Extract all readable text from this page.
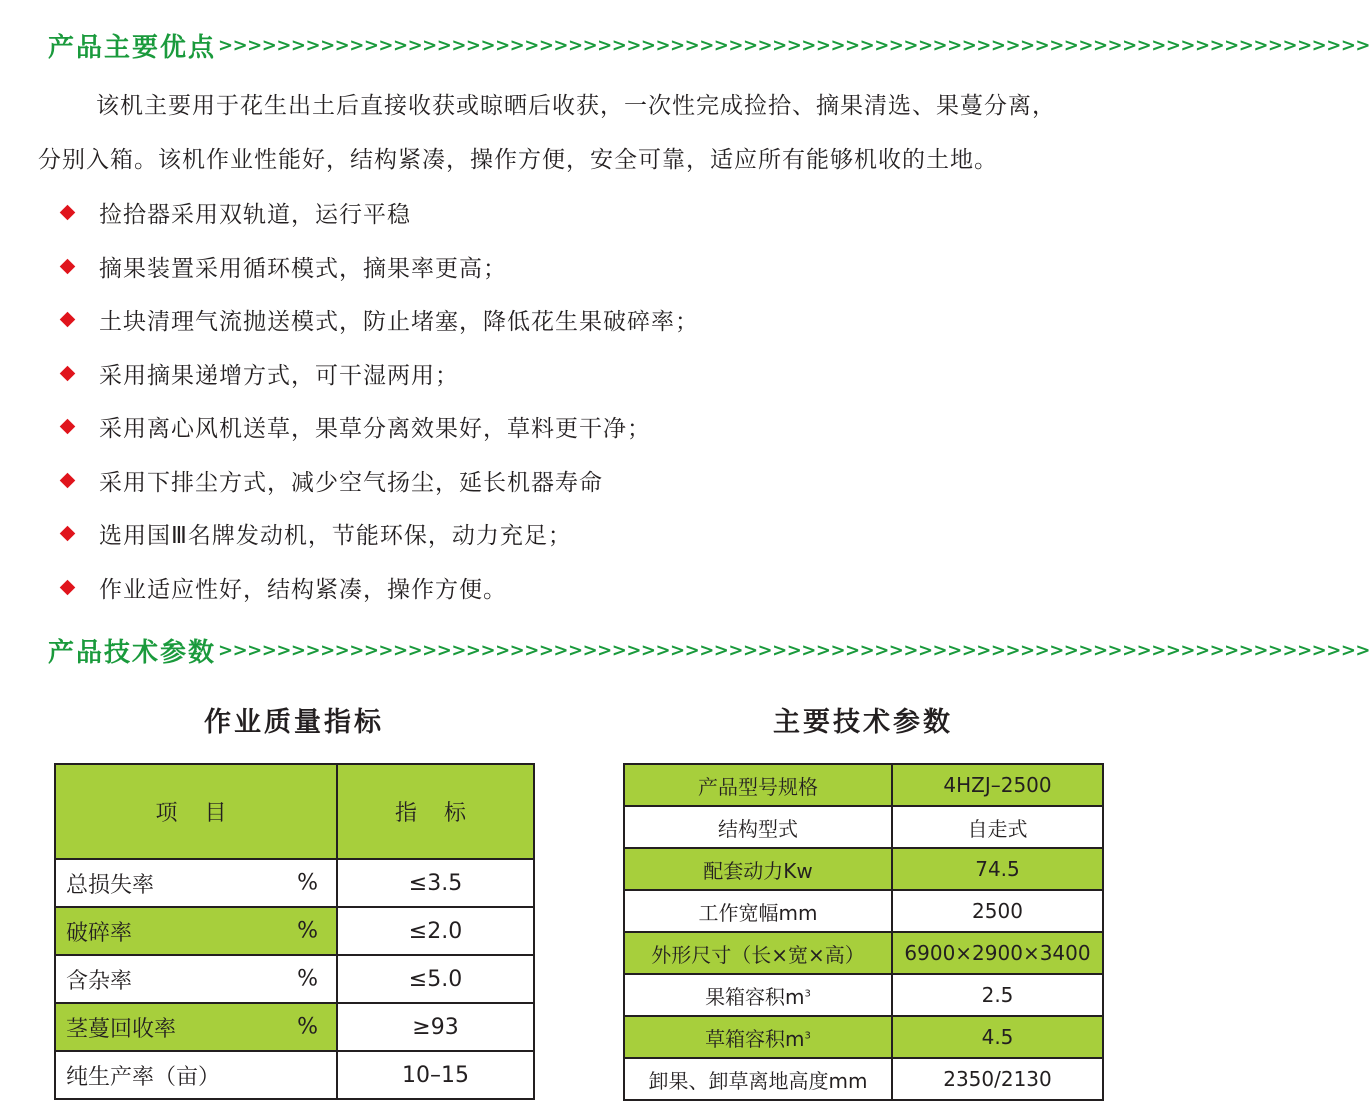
产品主要优点 >>>>>>>>>>>>>>>>>>>>>>>>>>>>>>>>>>>>>>>>>>>>>>>>>>>>>>>>>>>>>>>>>>>>>>>>>>>>>>>

该机主要用于花生出土后直接收获或晾晒后收获，一次性完成捡拾、摘果清选、果蔓分离，

分别入箱。该机作业性能好，结构紧凑，操作方便，安全可靠，适应所有能够机收的土地。
捡拾器采用双轨道，运行平稳
摘果装置采用循环模式，摘果率更高；
土块清理气流抛送模式，防止堵塞，降低花生果破碎率；
采用摘果递增方式，可干湿两用；
采用离心风机送草，果草分离效果好，草料更干净；
采用下排尘方式，减少空气扬尘，延长机器寿命
选用国Ⅲ名牌发动机，节能环保，动力充足；
作业适应性好，结构紧凑，操作方便。
产品技术参数 >>>>>>>>>>>>>>>>>>>>>>>>>>>>>>>>>>>>>>>>>>>>>>>>>>>>>>>>>>>>>>>>>>>>>>>>>>>>>>>
作业质量指标	主要技术参数
项 目	指 标
总损失率 %	≤3.5
破碎率 %	≤2.0
含杂率 %	≤5.0
茎蔓回收率 %	≥93
纯生产率（亩）	10–15
产品型号规格	4HZJ–2500
结构型式	自走式
配套动力Kw	74.5
工作宽幅mm	2500
外形尺寸（长×宽×高）	6900×2900×3400
果箱容积$m^3$	2.5
草箱容积$m^3$	4.5
卸果、卸草离地高度mm	2350/2130
